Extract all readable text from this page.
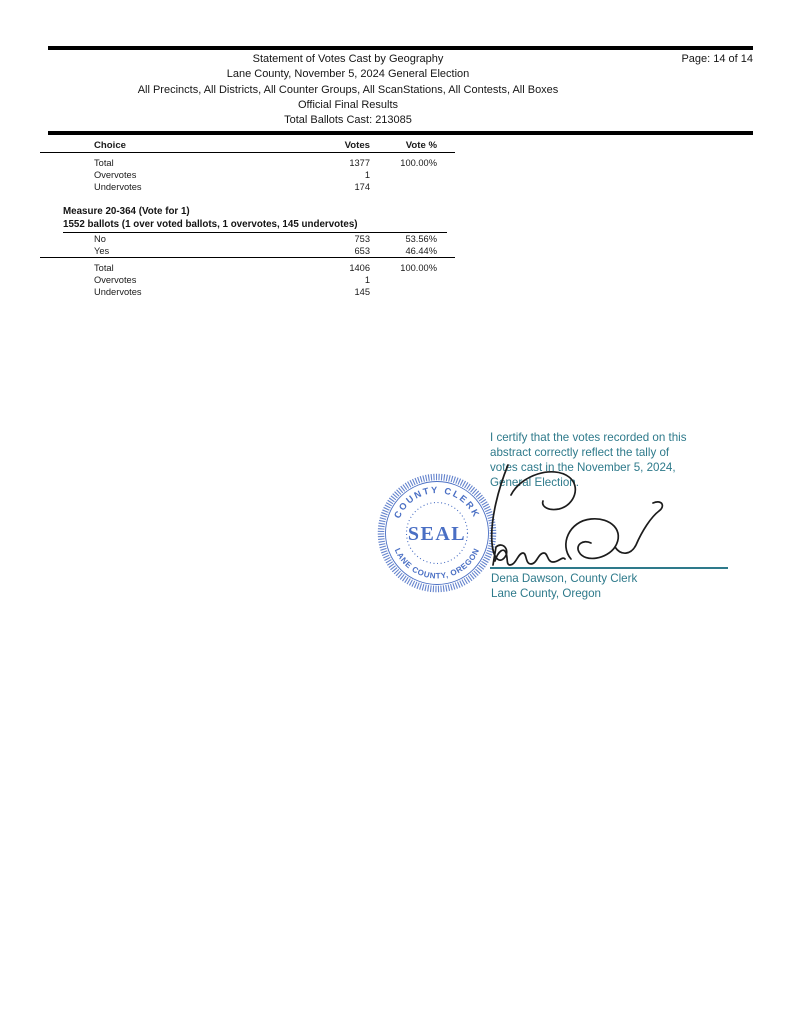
Statement of Votes Cast by Geography
Lane County, November 5, 2024 General Election
All Precincts, All Districts, All Counter Groups, All ScanStations, All Contests, All Boxes
Official Final Results
Total Ballots Cast: 213085
Page: 14 of 14
Choice	Votes	Vote %
Total	1377	100.00%
Overvotes	1
Undervotes	174
Measure 20-364 (Vote for 1)
1552 ballots (1 over voted ballots, 1 overvotes, 145 undervotes)
No	753	53.56%
Yes	653	46.44%
Total	1406	100.00%
Overvotes	1
Undervotes	145
I certify that the votes recorded on this
abstract correctly reflect the tally of
votes cast in the November 5, 2024,
General Election.
COUNTY CLERK
LANE COUNTY, OREGON
SEAL
Dena Dawson, County Clerk
Lane County, Oregon
